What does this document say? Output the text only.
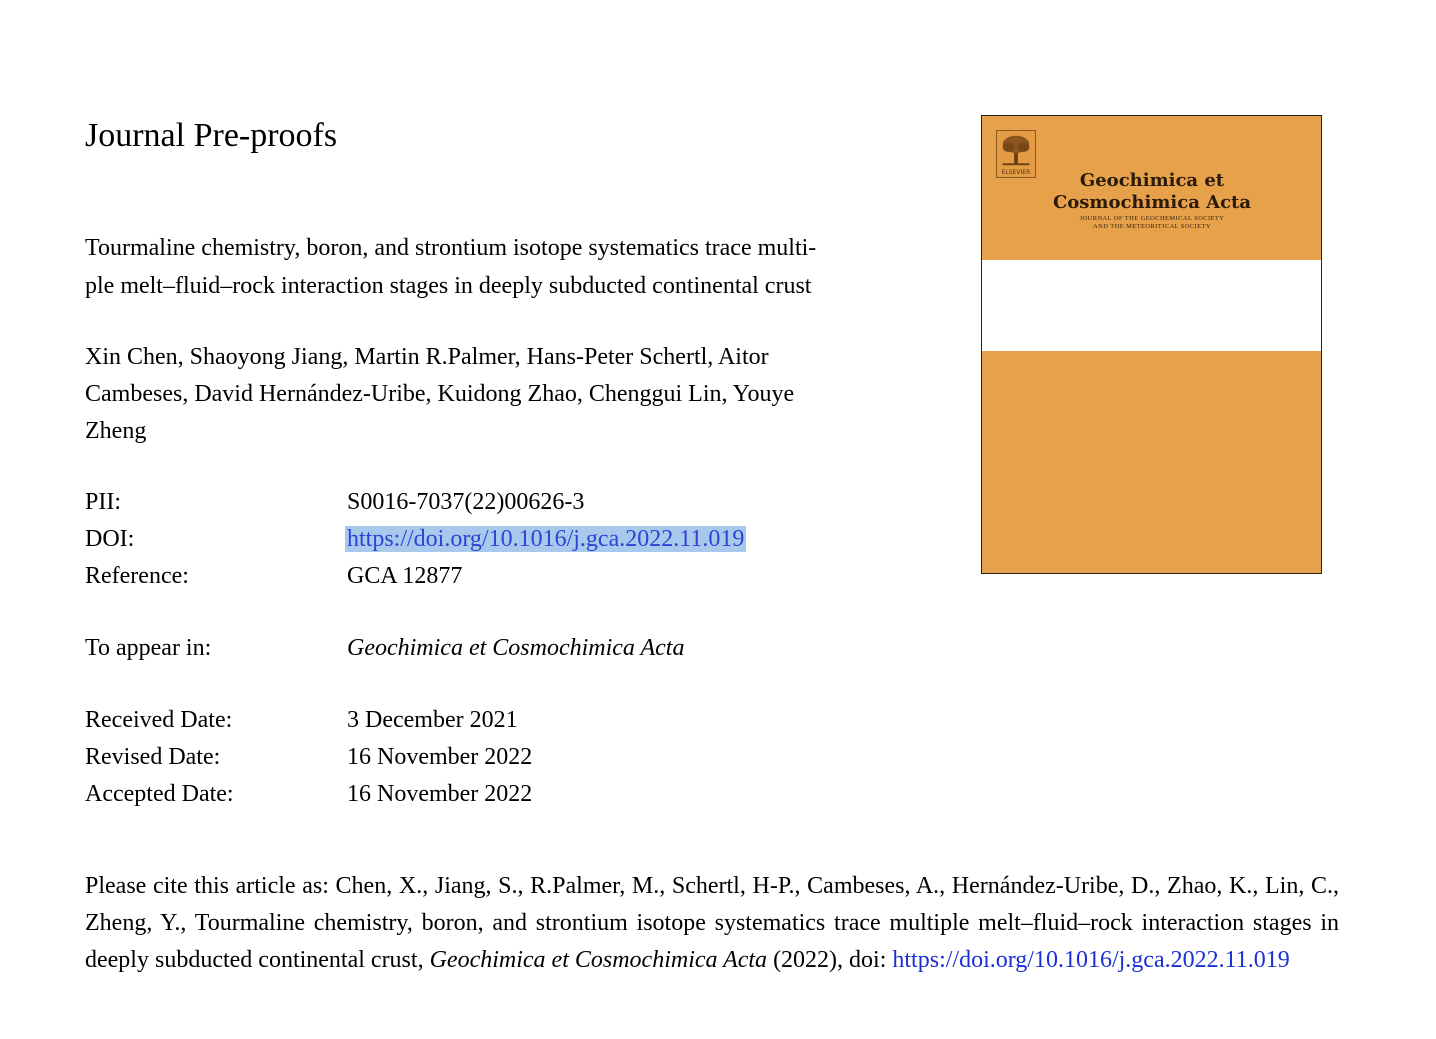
Journal Pre-proofs
Tourmaline chemistry, boron, and strontium isotope systematics trace multi-
ple melt–fluid–rock interaction stages in deeply subducted continental crust
Xin Chen, Shaoyong Jiang, Martin R.Palmer, Hans-Peter Schertl, Aitor
Cambeses, David Hernández-Uribe, Kuidong Zhao, Chenggui Lin, Youye
Zheng
PII:	S0016-7037(22)00626-3
DOI:	https://doi.org/10.1016/j.gca.2022.11.019
Reference:	GCA 12877
To appear in:	Geochimica et Cosmochimica Acta
Received Date:	3 December 2021
Revised Date:	16 November 2022
Accepted Date:	16 November 2022
Please cite this article as: Chen, X., Jiang, S., R.Palmer, M., Schertl, H-P., Cambeses, A., Hernández-Uribe, D., Zhao, K., Lin, C., Zheng, Y., Tourmaline chemistry, boron, and strontium isotope systematics trace multiple melt–fluid–rock interaction stages in deeply subducted continental crust, Geochimica et Cosmochimica Acta (2022), doi: https://doi.org/10.1016/j.gca.2022.11.019
ELSEVIER	Geochimica et
Cosmochimica Acta
JOURNAL OF THE GEOCHEMICAL SOCIETY
AND THE METEORITICAL SOCIETY
